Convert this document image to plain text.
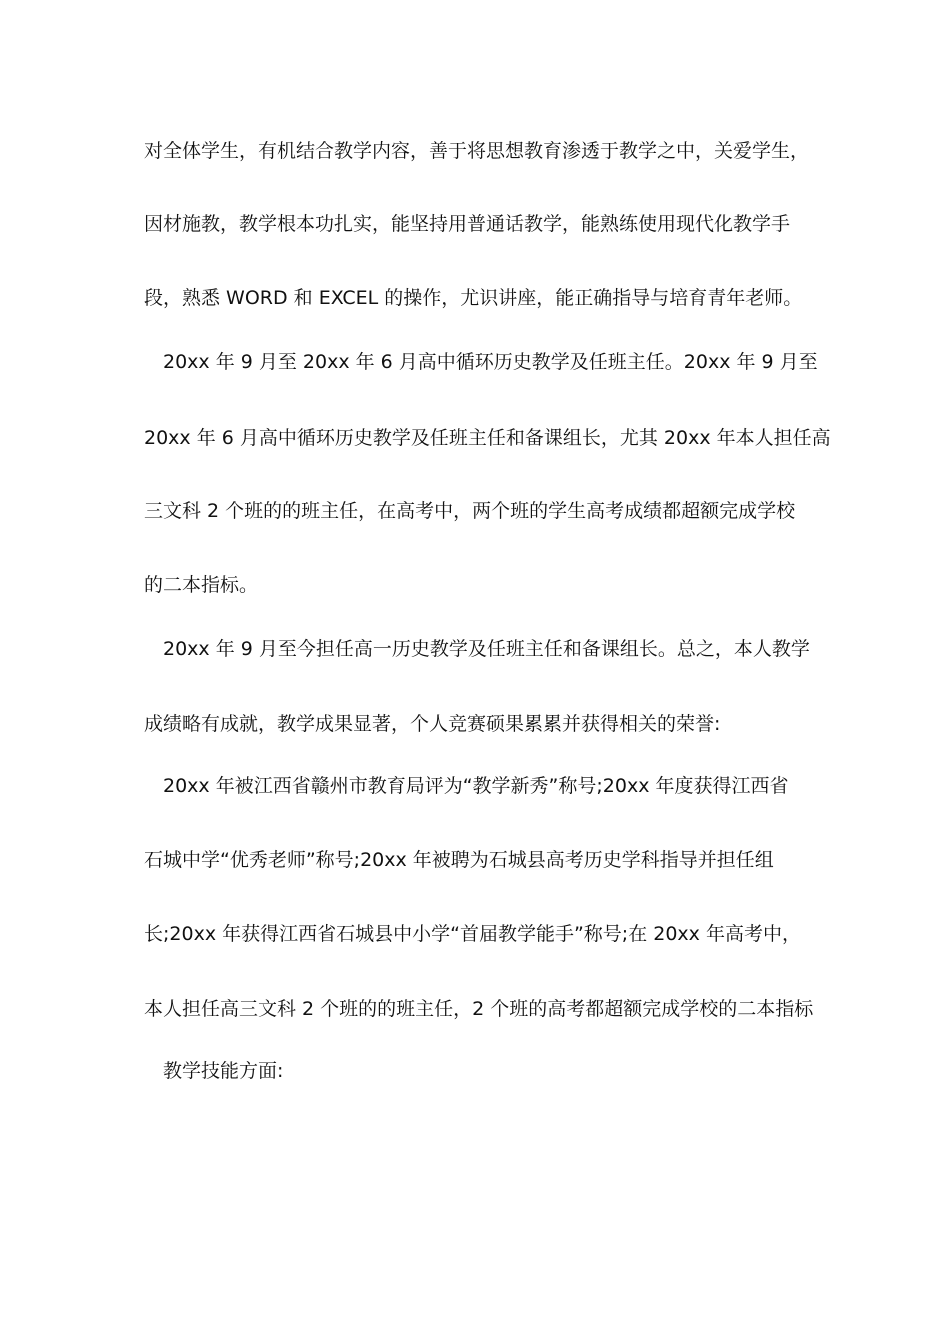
对全体学生，有机结合教学内容，善于将思想教育渗透于教学之中，关爱学生，
因材施教，教学根本功扎实，能坚持用普通话教学，能熟练使用现代化教学手
段，熟悉 WORD 和 EXCEL 的操作，尤识讲座，能正确指导与培育青年老师。
20xx 年 9 月至 20xx 年 6 月高中循环历史教学及任班主任。20xx 年 9 月至
20xx 年 6 月高中循环历史教学及任班主任和备课组长，尤其 20xx 年本人担任高
三文科 2 个班的的班主任，在高考中，两个班的学生高考成绩都超额完成学校
的二本指标。
20xx 年 9 月至今担任高一历史教学及任班主任和备课组长。总之，本人教学
成绩略有成就，教学成果显著，个人竞赛硕果累累并获得相关的荣誉:
20xx 年被江西省赣州市教育局评为“教学新秀”称号;20xx 年度获得江西省
石城中学“优秀老师”称号;20xx 年被聘为石城县高考历史学科指导并担任组
长;20xx 年获得江西省石城县中小学“首届教学能手”称号;在 20xx 年高考中，
本人担任高三文科 2 个班的的班主任，2 个班的高考都超额完成学校的二本指标
教学技能方面:
